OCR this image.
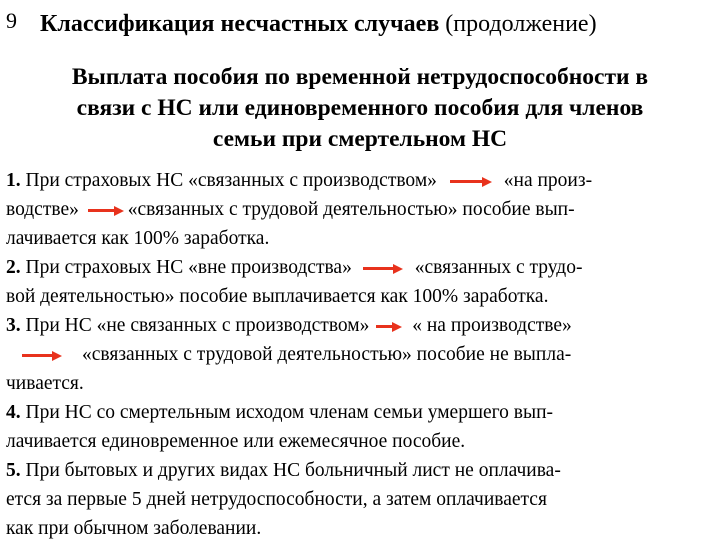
9 Классификация несчастных случаев (продолжение)
Выплата пособия по временной нетрудоспособности в
связи с НС или единовременного пособия для членов
семьи при смертельном НС
1. При страховых НС «связанных с производством»	«на произ-
водстве»	«связанных с трудовой деятельностью» пособие вып-
лачивается как 100% заработка.
2. При страховых НС «вне производства»	«связанных с трудо-
вой деятельностью» пособие выплачивается как 100% заработка.
3. При НС «не связанных с производством» « на производстве»
«связанных с трудовой деятельностью» пособие не выпла-
чивается.
4. При НС со смертельным исходом членам семьи умершего вып-
лачивается единовременное или ежемесячное пособие.
5. При бытовых и других видах НС больничный лист не оплачива-
ется за первые 5 дней нетрудоспособности, а затем оплачивается
как при обычном заболевании.
